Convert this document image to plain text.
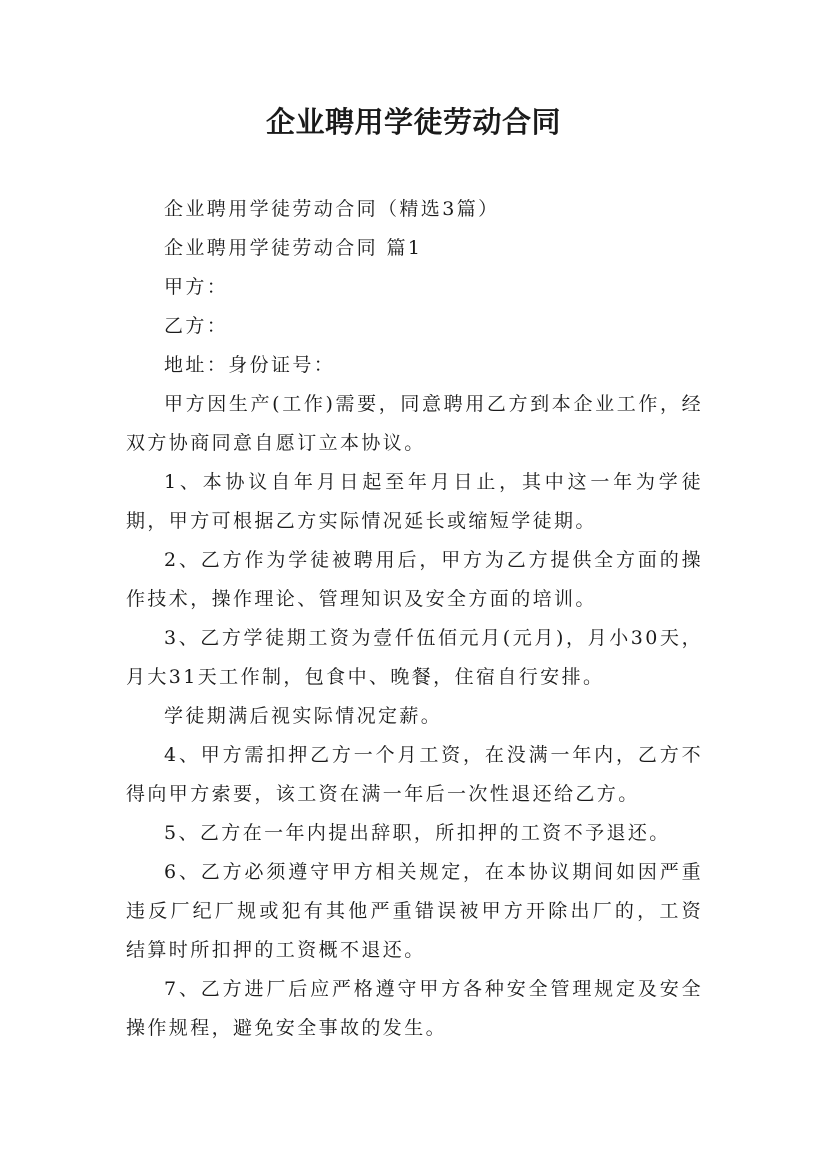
企业聘用学徒劳动合同

企业聘用学徒劳动合同（精选3篇）

企业聘用学徒劳动合同 篇1

甲方：

乙方：

地址：身份证号：

甲方因生产(工作)需要，同意聘用乙方到本企业工作，经双方协商同意自愿订立本协议。

1、本协议自年月日起至年月日止，其中这一年为学徒期，甲方可根据乙方实际情况延长或缩短学徒期。

2、乙方作为学徒被聘用后，甲方为乙方提供全方面的操作技术，操作理论、管理知识及安全方面的培训。

3、乙方学徒期工资为壹仟伍佰元月(元月)，月小30天，月大31天工作制，包食中、晚餐，住宿自行安排。

学徒期满后视实际情况定薪。

4、甲方需扣押乙方一个月工资，在没满一年内，乙方不得向甲方索要，该工资在满一年后一次性退还给乙方。

5、乙方在一年内提出辞职，所扣押的工资不予退还。

6、乙方必须遵守甲方相关规定，在本协议期间如因严重违反厂纪厂规或犯有其他严重错误被甲方开除出厂的，工资结算时所扣押的工资概不退还。

7、乙方进厂后应严格遵守甲方各种安全管理规定及安全操作规程，避免安全事故的发生。
